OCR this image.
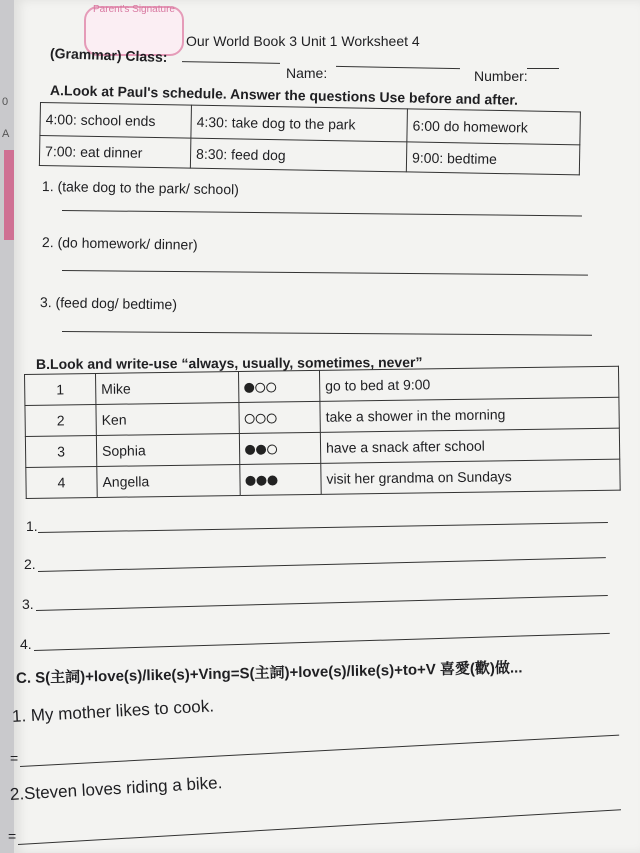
0
A
Parent's Signature
Our World Book 3 Unit 1 Worksheet 4
(Grammar) Class:
Name:	Number:
A.Look at Paul's schedule. Answer the questions Use before and after.
4:00: school ends	4:30: take dog to the park	6:00 do homework
7:00: eat dinner	8:30: feed dog	9:00: bedtime
1. (take dog to the park/ school)
2. (do homework/ dinner)
3. (feed dog/ bedtime)
B.Look and write-use “always, usually, sometimes, never”
1	Mike		go to bed at 9:00
2	Ken		take a shower in the morning
3	Sophia		have a snack after school
4	Angella		visit her grandma on Sundays
1.
2.
3.
4.
C. S(主詞)+love(s)/like(s)+Ving=S(主詞)+love(s)/like(s)+to+V 喜愛(歡)做...
1. My mother likes to cook.
=
2.Steven loves riding a bike.
=
